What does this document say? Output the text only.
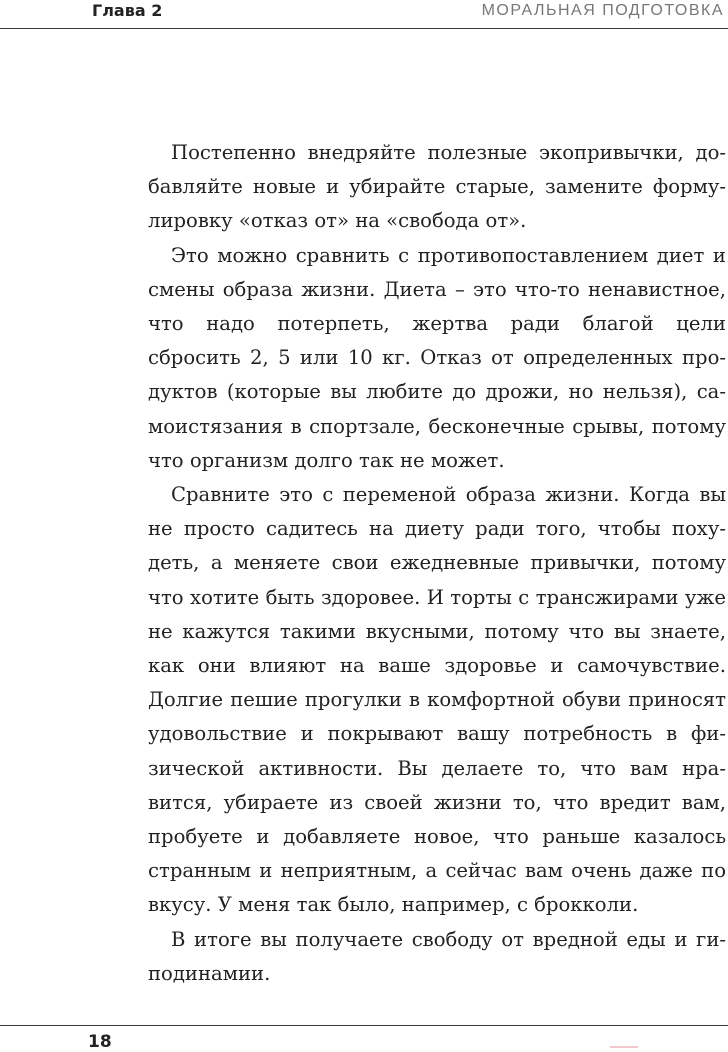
Глава 2	МОРАЛЬНАЯ ПОДГОТОВКА

Постепенно внедряйте полезные экопривычки, добавляйте новые и убирайте старые, замените формулировку «отказ от» на «свобода от».

Это можно сравнить с противопоставлением диет и смены образа жизни. Диета – это что-то ненавистное, что надо потерпеть, жертва ради благой цели сбросить 2, 5 или 10 кг. Отказ от определенных продуктов (которые вы любите до дрожи, но нельзя), самоистязания в спортзале, бесконечные срывы, потому что организм долго так не может.

Сравните это с переменой образа жизни. Когда вы не просто садитесь на диету ради того, чтобы похудеть, а меняете свои ежедневные привычки, потому что хотите быть здоровее. И торты с трансжирами уже не кажутся такими вкусными, потому что вы знаете, как они влияют на ваше здоровье и самочувствие. Долгие пешие прогулки в комфортной обуви приносят удовольствие и покрывают вашу потребность в физической активности. Вы делаете то, что вам нравится, убираете из своей жизни то, что вредит вам, пробуете и добавляете новое, что раньше казалось странным и неприятным, а сейчас вам очень даже по вкусу. У меня так было, например, с брокколи.

В итоге вы получаете свободу от вредной еды и гиподинамии.

18
